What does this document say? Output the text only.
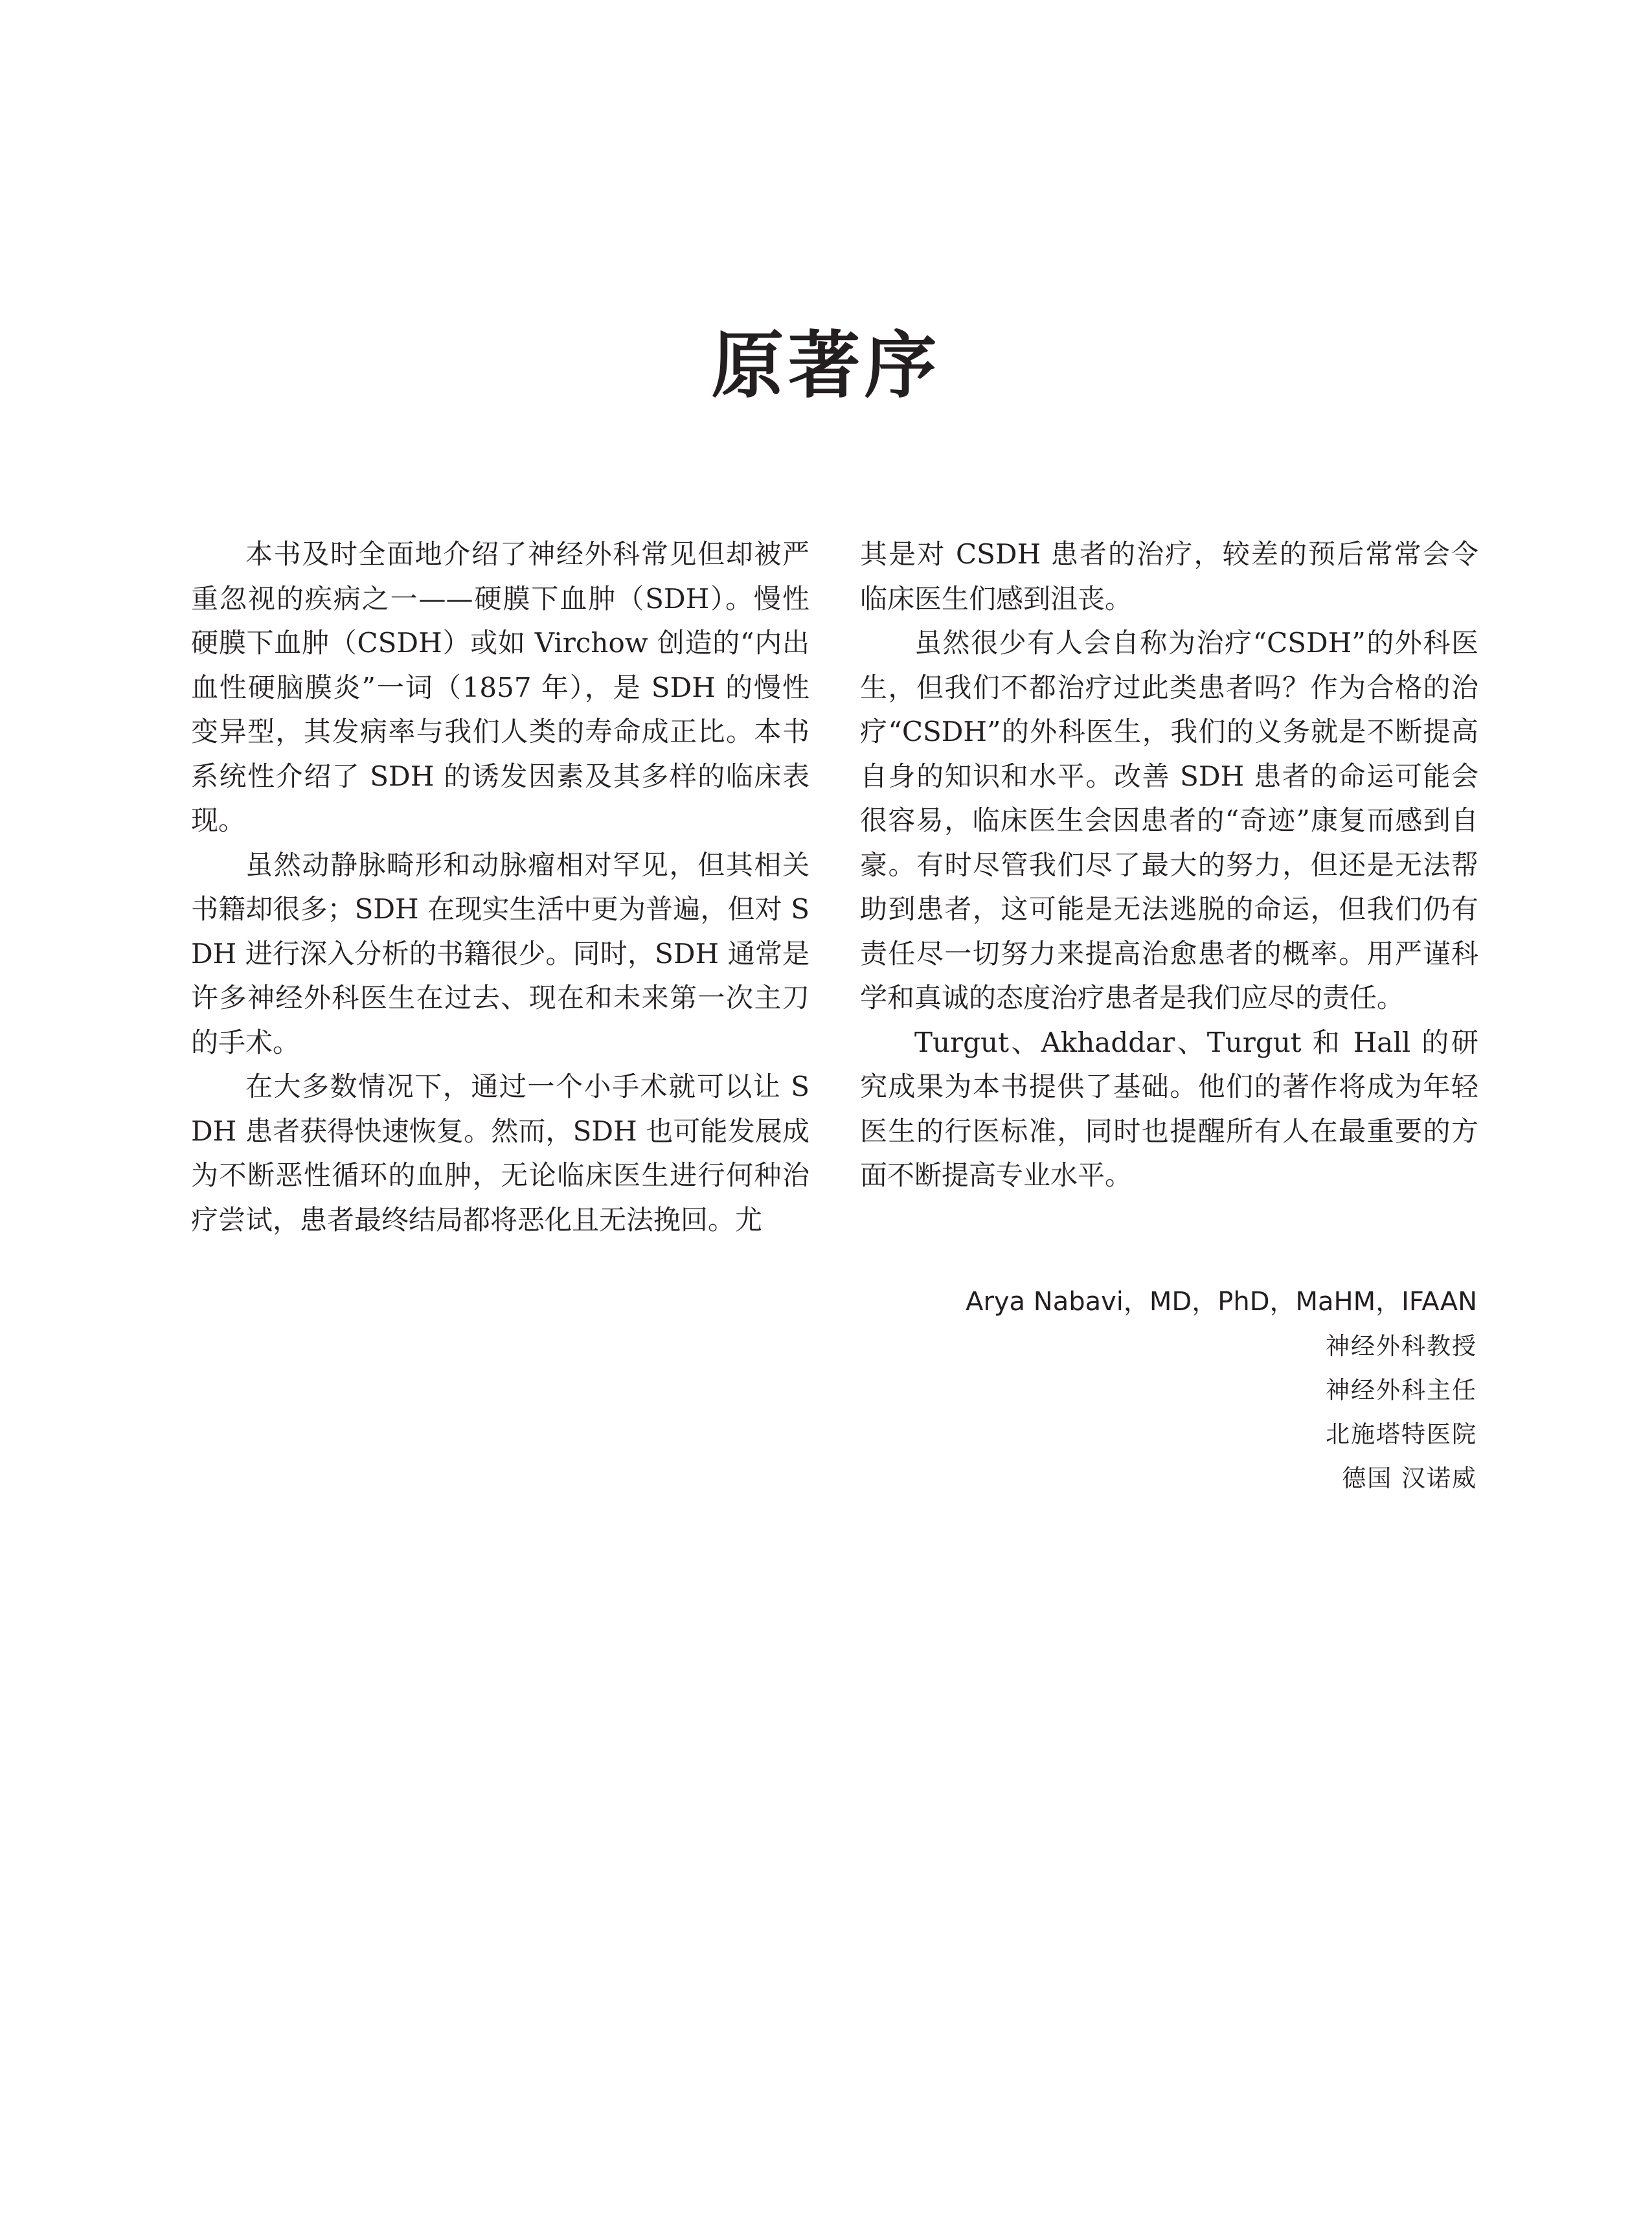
原著序

本书及时全面地介绍了神经外科常见但却被严重忽视的疾病之一——硬膜下血肿（SDH）。慢性硬膜下血肿（CSDH）或如 Virchow 创造的“内出血性硬脑膜炎”一词（1857 年），是 SDH 的慢性变异型，其发病率与我们人类的寿命成正比。本书系统性介绍了 SDH 的诱发因素及其多样的临床表现。

虽然动静脉畸形和动脉瘤相对罕见，但其相关书籍却很多；SDH 在现实生活中更为普遍，但对 SDH 进行深入分析的书籍很少。同时，SDH 通常是许多神经外科医生在过去、现在和未来第一次主刀的手术。

在大多数情况下，通过一个小手术就可以让 SDH 患者获得快速恢复。然而，SDH 也可能发展成为不断恶性循环的血肿，无论临床医生进行何种治疗尝试，患者最终结局都将恶化且无法挽回。尤

其是对 CSDH 患者的治疗，较差的预后常常会令临床医生们感到沮丧。

虽然很少有人会自称为治疗“CSDH”的外科医生，但我们不都治疗过此类患者吗？作为合格的治疗“CSDH”的外科医生，我们的义务就是不断提高自身的知识和水平。改善 SDH 患者的命运可能会很容易，临床医生会因患者的“奇迹”康复而感到自豪。有时尽管我们尽了最大的努力，但还是无法帮助到患者，这可能是无法逃脱的命运，但我们仍有责任尽一切努力来提高治愈患者的概率。用严谨科学和真诚的态度治疗患者是我们应尽的责任。

Turgut、Akhaddar、Turgut 和 Hall 的研究成果为本书提供了基础。他们的著作将成为年轻医生的行医标准，同时也提醒所有人在最重要的方面不断提高专业水平。

Arya Nabavi，MD，PhD，MaHM，IFAAN
神经外科教授
神经外科主任
北施塔特医院
德国 汉诺威
